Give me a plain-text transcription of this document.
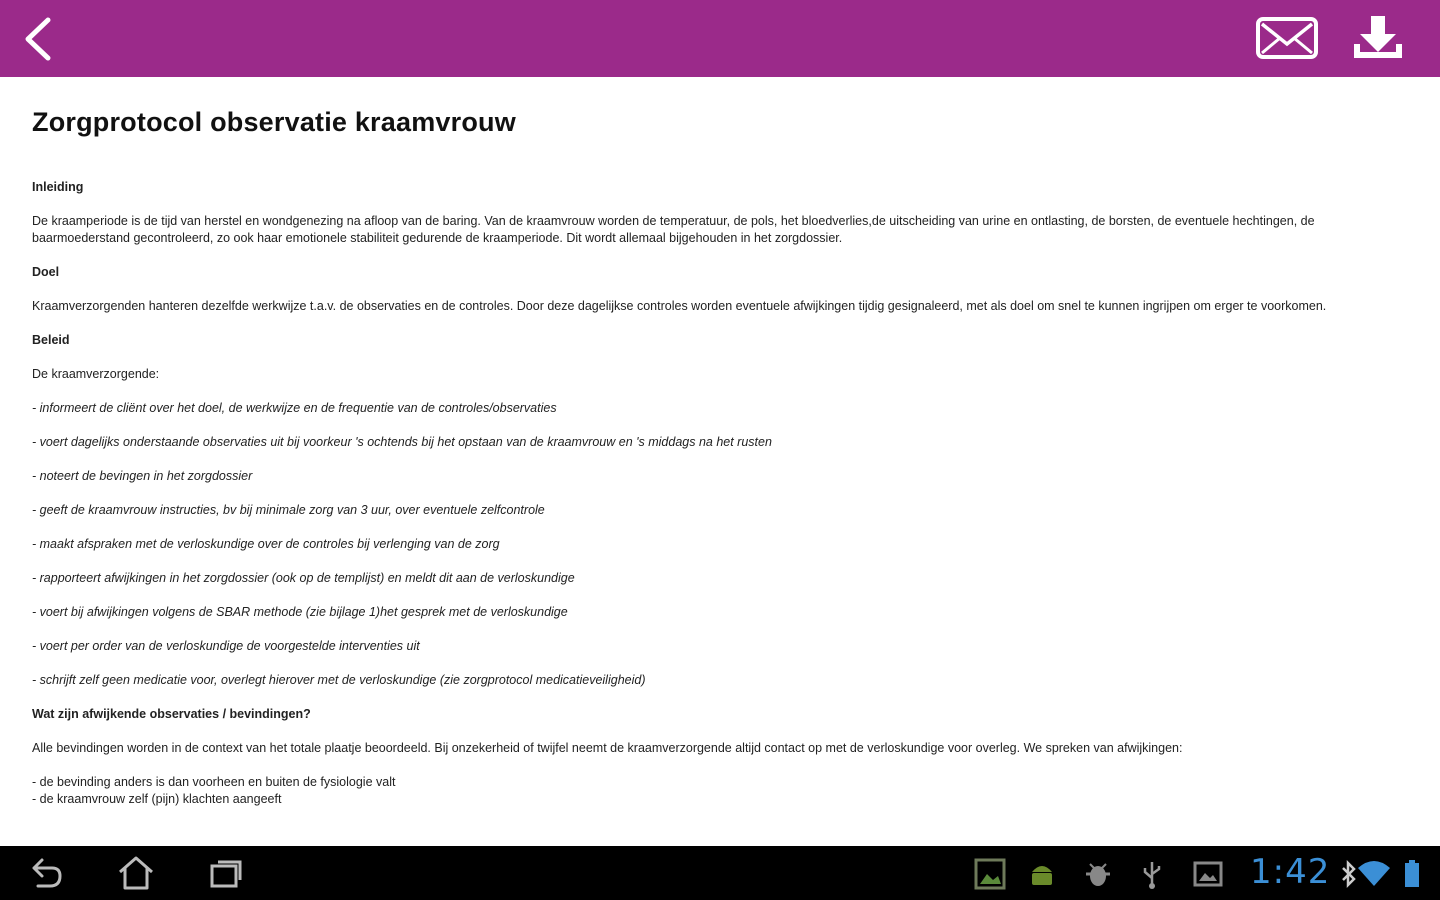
Zorgprotocol observatie kraamvrouw

Inleiding

De kraamperiode is de tijd van herstel en wondgenezing na afloop van de baring. Van de kraamvrouw worden de temperatuur, de pols, het bloedverlies,de uitscheiding van urine en ontlasting, de borsten, de eventuele hechtingen, de baarmoederstand gecontroleerd, zo ook haar emotionele stabiliteit gedurende de kraamperiode. Dit wordt allemaal bijgehouden in het zorgdossier.

Doel

Kraamverzorgenden hanteren dezelfde werkwijze t.a.v. de observaties en de controles. Door deze dagelijkse controles worden eventuele afwijkingen tijdig gesignaleerd, met als doel om snel te kunnen ingrijpen om erger te voorkomen.

Beleid

De kraamverzorgende:

- informeert de cliënt over het doel, de werkwijze en de frequentie van de controles/observaties

- voert dagelijks onderstaande observaties uit bij voorkeur 's ochtends bij het opstaan van de kraamvrouw en 's middags na het rusten

- noteert de bevingen in het zorgdossier

- geeft de kraamvrouw instructies, bv bij minimale zorg van 3 uur, over eventuele zelfcontrole

- maakt afspraken met de verloskundige over de controles bij verlenging van de zorg

- rapporteert afwijkingen in het zorgdossier (ook op de templijst) en meldt dit aan de verloskundige

- voert bij afwijkingen volgens de SBAR methode (zie bijlage 1)het gesprek met de verloskundige

- voert per order van de verloskundige de voorgestelde interventies uit

- schrijft zelf geen medicatie voor, overlegt hierover met de verloskundige (zie zorgprotocol medicatieveiligheid)

Wat zijn afwijkende observaties / bevindingen?

Alle bevindingen worden in de context van het totale plaatje beoordeeld. Bij onzekerheid of twijfel neemt de kraamverzorgende altijd contact op met de verloskundige voor overleg. We spreken van afwijkingen:

- de bevinding anders is dan voorheen en buiten de fysiologie valt

- de kraamvrouw zelf (pijn) klachten aangeeft

1:42
